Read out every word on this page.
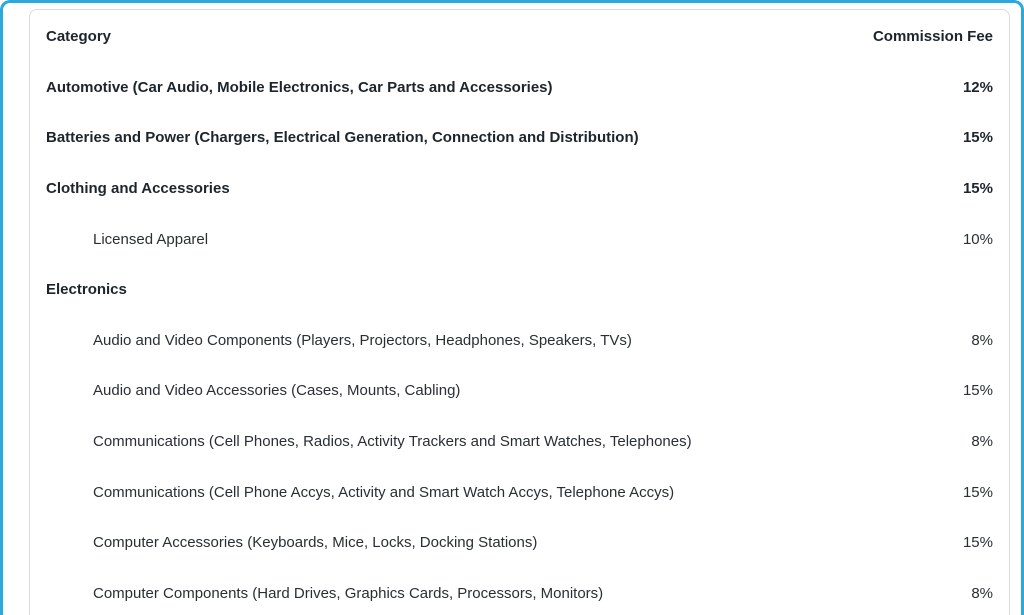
Category	Commission Fee
Automotive (Car Audio, Mobile Electronics, Car Parts and Accessories)	12%
Batteries and Power (Chargers, Electrical Generation, Connection and Distribution)	15%
Clothing and Accessories	15%
Licensed Apparel	10%
Electronics
Audio and Video Components (Players, Projectors, Headphones, Speakers, TVs)	8%
Audio and Video Accessories (Cases, Mounts, Cabling)	15%
Communications (Cell Phones, Radios, Activity Trackers and Smart Watches, Telephones)	8%
Communications (Cell Phone Accys, Activity and Smart Watch Accys, Telephone Accys)	15%
Computer Accessories (Keyboards, Mice, Locks, Docking Stations)	15%
Computer Components (Hard Drives, Graphics Cards, Processors, Monitors)	8%
